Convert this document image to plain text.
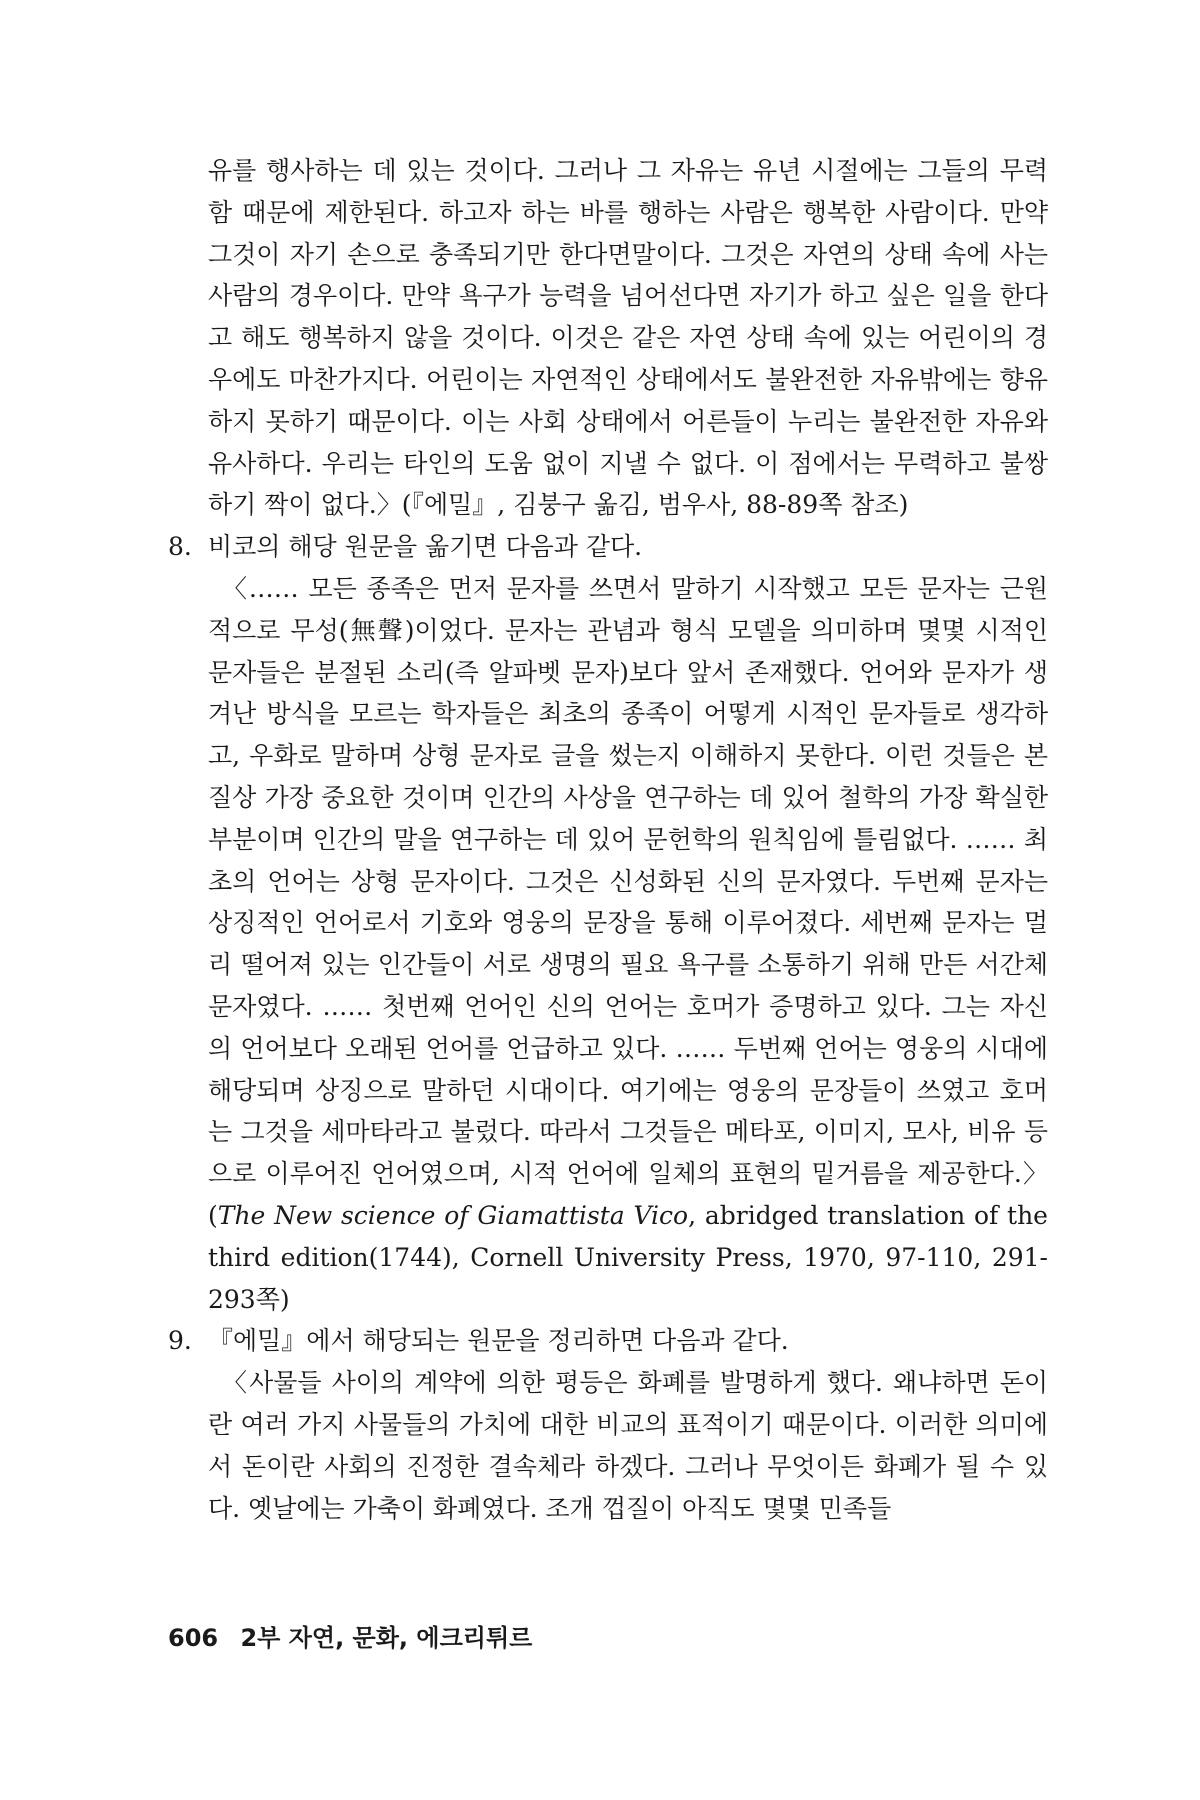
유를 행사하는 데 있는 것이다. 그러나 그 자유는 유년 시절에는 그들의 무력함 때문에 제한된다. 하고자 하는 바를 행하는 사람은 행복한 사람이다. 만약 그것이 자기 손으로 충족되기만 한다면말이다. 그것은 자연의 상태 속에 사는 사람의 경우이다. 만약 욕구가 능력을 넘어선다면 자기가 하고 싶은 일을 한다고 해도 행복하지 않을 것이다. 이것은 같은 자연 상태 속에 있는 어린이의 경우에도 마찬가지다. 어린이는 자연적인 상태에서도 불완전한 자유밖에는 향유하지 못하기 때문이다. 이는 사회 상태에서 어른들이 누리는 불완전한 자유와 유사하다. 우리는 타인의 도움 없이 지낼 수 없다. 이 점에서는 무력하고 불쌍하기 짝이 없다.〉(『에밀』, 김붕구 옮김, 범우사, 88-89쪽 참조)

8. 비코의 해당 원문을 옮기면 다음과 같다.

〈…… 모든 종족은 먼저 문자를 쓰면서 말하기 시작했고 모든 문자는 근원적으로 무성(無聲)이었다. 문자는 관념과 형식 모델을 의미하며 몇몇 시적인 문자들은 분절된 소리(즉 알파벳 문자)보다 앞서 존재했다. 언어와 문자가 생겨난 방식을 모르는 학자들은 최초의 종족이 어떻게 시적인 문자들로 생각하고, 우화로 말하며 상형 문자로 글을 썼는지 이해하지 못한다. 이런 것들은 본질상 가장 중요한 것이며 인간의 사상을 연구하는 데 있어 철학의 가장 확실한 부분이며 인간의 말을 연구하는 데 있어 문헌학의 원칙임에 틀림없다. …… 최초의 언어는 상형 문자이다. 그것은 신성화된 신의 문자였다. 두번째 문자는 상징적인 언어로서 기호와 영웅의 문장을 통해 이루어졌다. 세번째 문자는 멀리 떨어져 있는 인간들이 서로 생명의 필요 욕구를 소통하기 위해 만든 서간체 문자였다. …… 첫번째 언어인 신의 언어는 호머가 증명하고 있다. 그는 자신의 언어보다 오래된 언어를 언급하고 있다. …… 두번째 언어는 영웅의 시대에 해당되며 상징으로 말하던 시대이다. 여기에는 영웅의 문장들이 쓰였고 호머는 그것을 세마타라고 불렀다. 따라서 그것들은 메타포, 이미지, 모사, 비유 등으로 이루어진 언어였으며, 시적 언어에 일체의 표현의 밑거름을 제공한다.〉(The New science of Giamattista Vico, abridged translation of the third edition(1744), Cornell University Press, 1970, 97-110, 291-293쪽)

9. 『에밀』에서 해당되는 원문을 정리하면 다음과 같다.

〈사물들 사이의 계약에 의한 평등은 화폐를 발명하게 했다. 왜냐하면 돈이란 여러 가지 사물들의 가치에 대한 비교의 표적이기 때문이다. 이러한 의미에서 돈이란 사회의 진정한 결속체라 하겠다. 그러나 무엇이든 화폐가 될 수 있다. 옛날에는 가축이 화폐였다. 조개 껍질이 아직도 몇몇 민족들

606 2부 자연, 문화, 에크리튀르
